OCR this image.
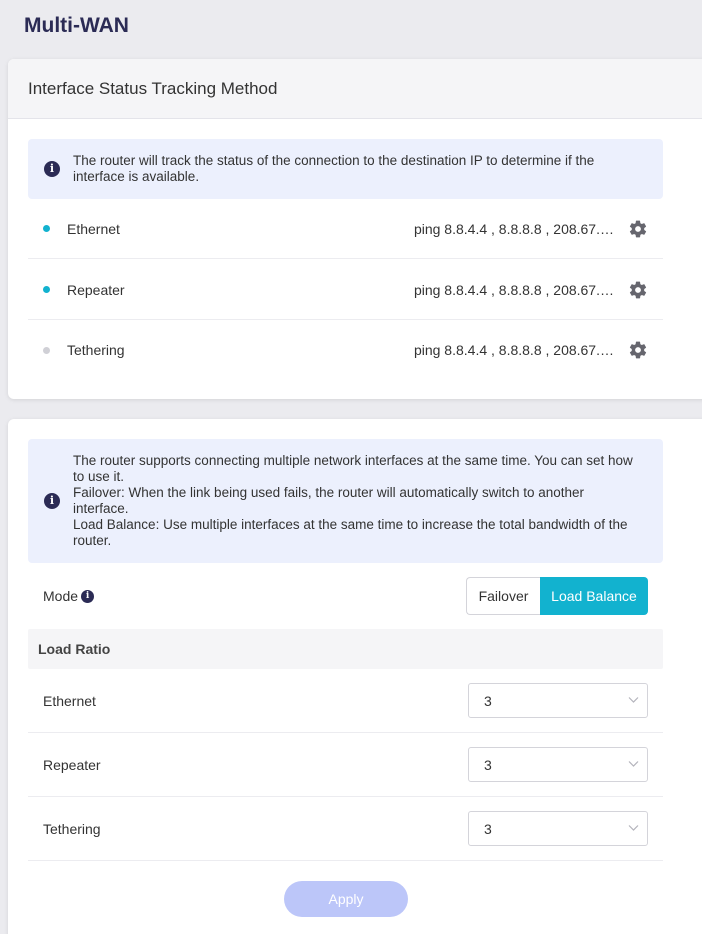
Multi-WAN
Interface Status Tracking Method
i

The router will track the status of the connection to the destination IP to determine if the interface is available.

Ethernet	ping 8.8.4.4 , 8.8.8.8 , 208.67.…
Repeater	ping 8.8.4.4 , 8.8.8.8 , 208.67.…
Tethering	ping 8.8.4.4 , 8.8.8.8 , 208.67.…
i

The router supports connecting multiple network interfaces at the same time. You can set how to use it.

Failover: When the link being used fails, the router will automatically switch to another interface.

Load Balance: Use multiple interfaces at the same time to increase the total bandwidth of the router.

Mode i	Failover	Load Balance
Load Ratio
Ethernet	3
Repeater	3
Tethering	3
Apply
